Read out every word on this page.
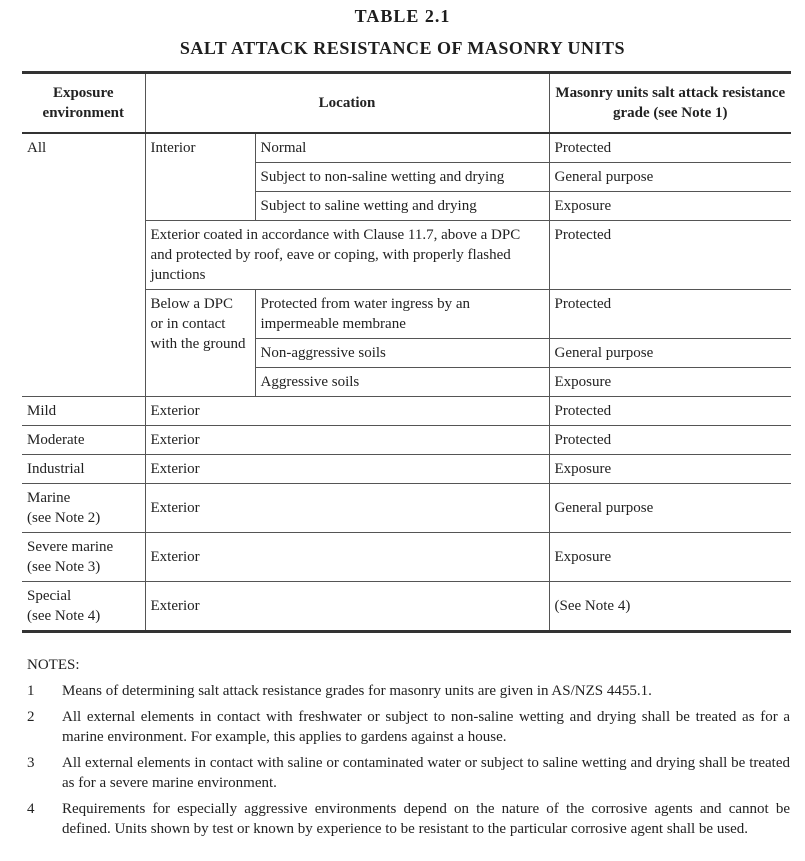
TABLE 2.1
SALT ATTACK RESISTANCE OF MASONRY UNITS
Exposure environment	Location		Masonry units salt attack resistance grade (see Note 1)
All	Interior	Normal	Protected
		Subject to non-saline wetting and drying	General purpose
		Subject to saline wetting and drying	Exposure
	Exterior coated in accordance with Clause 11.7, above a DPC and protected by roof, eave or coping, with properly flashed junctions		Protected
	Below a DPC or in contact with the ground	Protected from water ingress by an impermeable membrane	Protected
		Non-aggressive soils	General purpose
		Aggressive soils	Exposure
Mild	Exterior		Protected
Moderate	Exterior		Protected
Industrial	Exterior		Exposure

Marine
(see Note 2)	Exterior		General purpose

Severe marine
(see Note 3)	Exterior		Exposure

Special
(see Note 4)	Exterior		(See Note 4)
NOTES:
1	Means of determining salt attack resistance grades for masonry units are given in AS/NZS 4455.1.
2	All external elements in contact with freshwater or subject to non-saline wetting and drying shall be treated as for a marine environment. For example, this applies to gardens against a house.
3	All external elements in contact with saline or contaminated water or subject to saline wetting and drying shall be treated as for a severe marine environment.
4	Requirements for especially aggressive environments depend on the nature of the corrosive agents and cannot be defined. Units shown by test or known by experience to be resistant to the particular corrosive agent shall be used.
